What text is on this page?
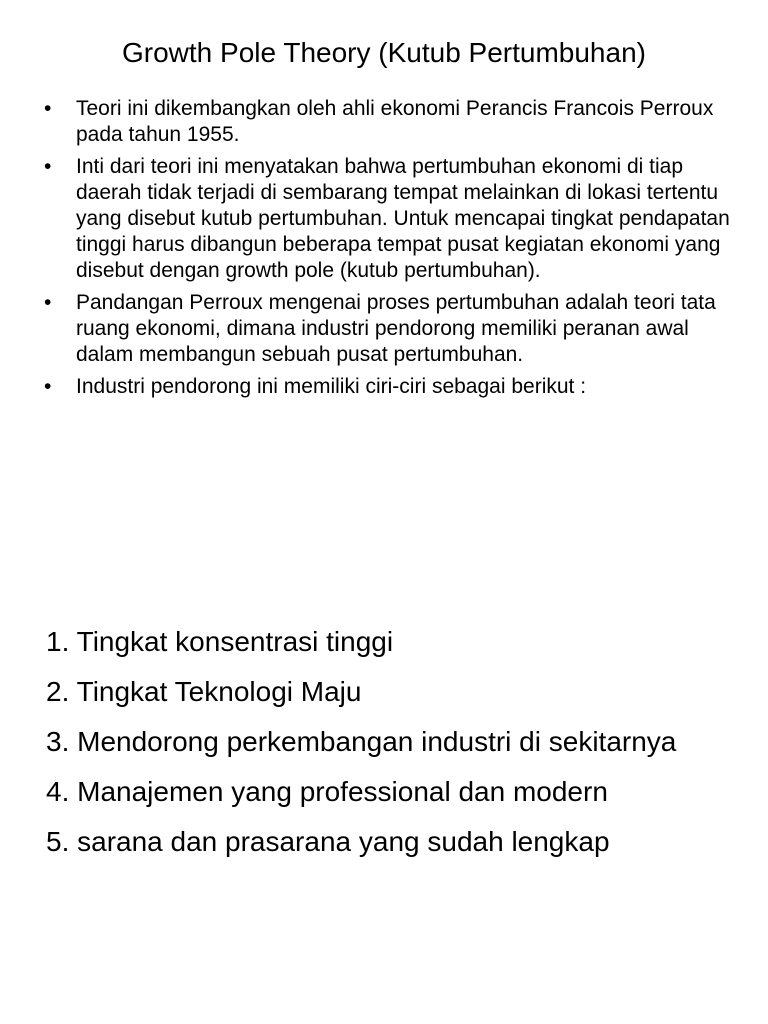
Growth Pole Theory (Kutub Pertumbuhan)
•	Teori ini dikembangkan oleh ahli ekonomi Perancis Francois Perroux pada tahun 1955.
•	Inti dari teori ini menyatakan bahwa pertumbuhan ekonomi di tiap daerah tidak terjadi di sembarang tempat melainkan di lokasi tertentu yang disebut kutub pertumbuhan. Untuk mencapai tingkat pendapatan tinggi harus dibangun beberapa tempat pusat kegiatan ekonomi yang disebut dengan growth pole (kutub pertumbuhan).
•	Pandangan Perroux mengenai proses pertumbuhan adalah teori tata ruang ekonomi, dimana industri pendorong memiliki peranan awal dalam membangun sebuah pusat pertumbuhan.
•	Industri pendorong ini memiliki ciri-ciri sebagai berikut :
1. Tingkat konsentrasi tinggi
2. Tingkat Teknologi Maju
3. Mendorong perkembangan industri di sekitarnya
4. Manajemen yang professional dan modern
5. sarana dan prasarana yang sudah lengkap
